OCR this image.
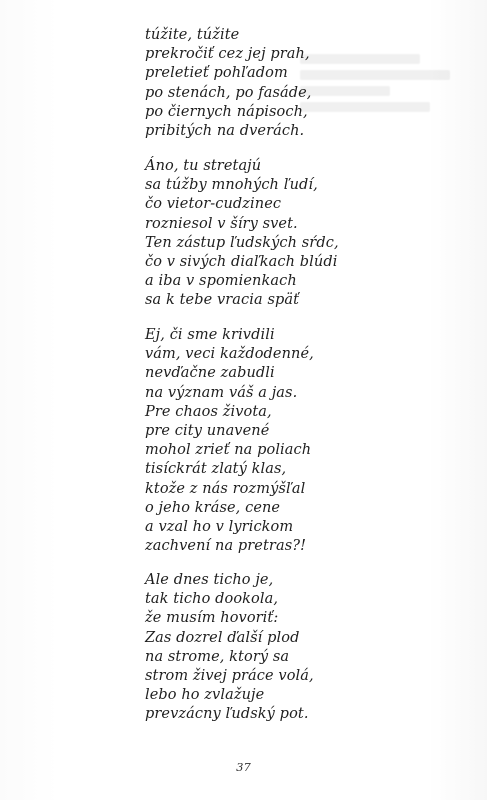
túžite, túžite
prekročiť cez jej prah,
preletieť pohľadom
po stenách, po fasáde,
po čiernych nápisoch,
pribitých na dverách.
Áno, tu stretajú
sa túžby mnohých ľudí,
čo vietor-cudzinec
rozniesol v šíry svet.
Ten zástup ľudských sŕdc,
čo v sivých diaľkach blúdi
a iba v spomienkach
sa k tebe vracia späť
Ej, či sme krivdili
vám, veci každodenné,
nevďačne zabudli
na význam váš a jas.
Pre chaos života,
pre city unavené
mohol zrieť na poliach
tisíckrát zlatý klas,
ktože z nás rozmýšľal
o jeho kráse, cene
a vzal ho v lyrickom
zachvení na pretras?!
Ale dnes ticho je,
tak ticho dookola,
že musím hovoriť:
Zas dozrel ďalší plod
na strome, ktorý sa
strom živej práce volá,
lebo ho zvlažuje
prevzácny ľudský pot.
37
